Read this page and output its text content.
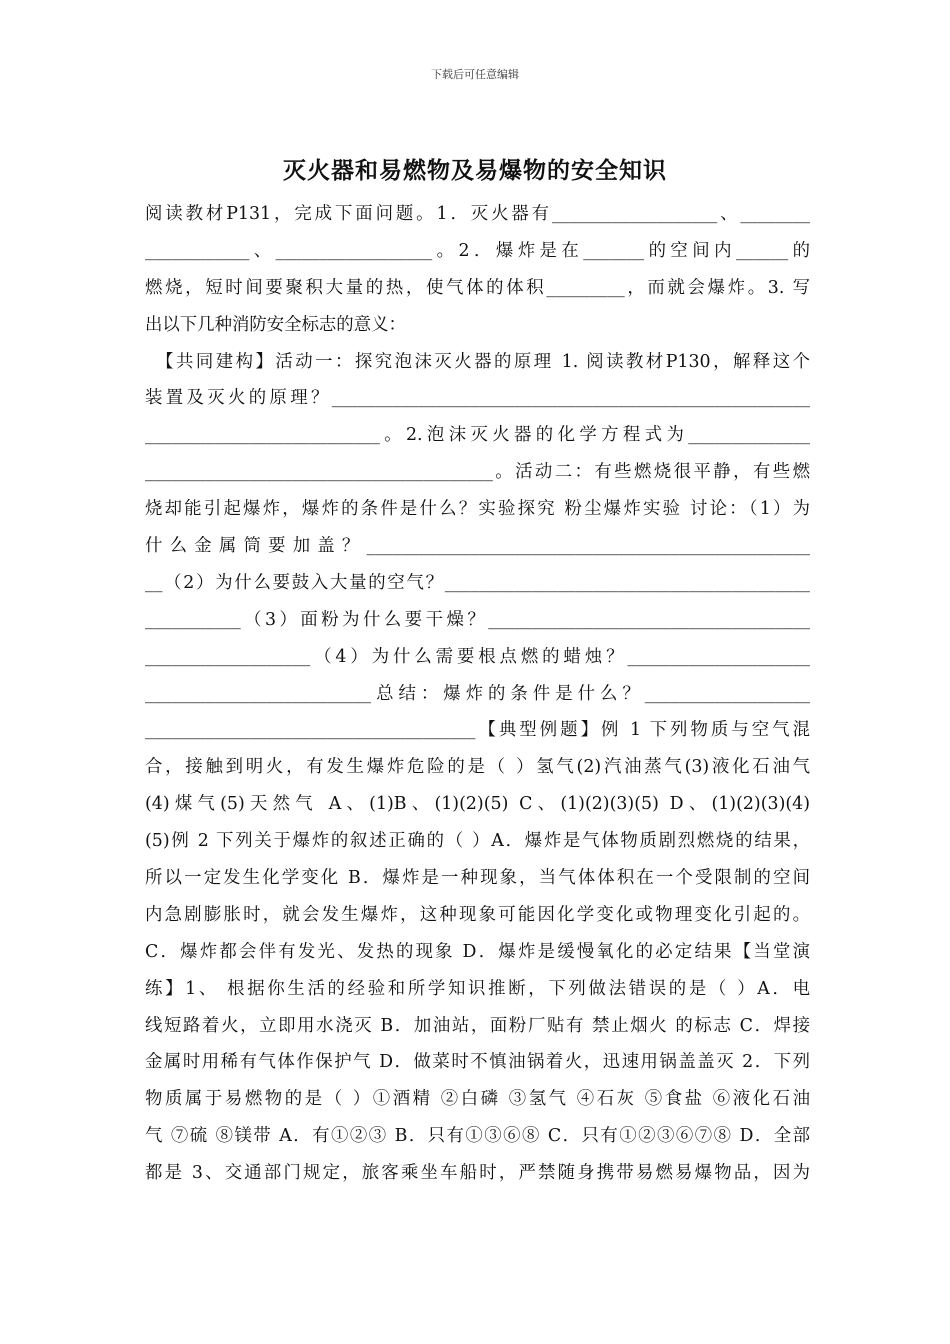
下载后可任意编辑
灭火器和易燃物及易爆物的安全知识
阅读教材P131，完成下面问题。1．灭火器有___________________、________
____________、__________________。2．爆炸是在_______的空间内______的
燃烧，短时间要聚积大量的热，使气体的体积_________，而就会爆炸。3. 写
出以下几种消防安全标志的意义：
　【共同建构】活动一：探究泡沫灭火器的原理 1. 阅读教材P130，解释这个
装置及灭火的原理？_______________________________________________________
___________________________。2.泡沫灭火器的化学方程式为______________
________________________________________。活动二：有些燃烧很平静，有些燃
烧却能引起爆炸，爆炸的条件是什么？实验探究 粉尘爆炸实验 讨论：（1）为
什么金属筒要加盖？___________________________________________________
__（2）为什么要鼓入大量的空气？__________________________________________
___________（3）面粉为什么要干燥？_____________________________________
___________________（4）为什么需要根点燃的蜡烛？_____________________
__________________________总结：爆炸的条件是什么？___________________
______________________________________【典型例题】例 1 下列物质与空气混
合，接触到明火，有发生爆炸危险的是（ ）氢气(2)汽油蒸气(3)液化石油气
(4)煤气(5)天然气 A、(1)B、(1)(2)(5) C、(1)(2)(3)(5) D、(1)(2)(3)(4)
(5)例 2 下列关于爆炸的叙述正确的（ ）A．爆炸是气体物质剧烈燃烧的结果，
所以一定发生化学变化 B．爆炸是一种现象，当气体体积在一个受限制的空间
内急剧膨胀时，就会发生爆炸，这种现象可能因化学变化或物理变化引起的。
C．爆炸都会伴有发光、发热的现象 D．爆炸是缓慢氧化的必定结果【当堂演
练】1、 根据你生活的经验和所学知识推断，下列做法错误的是（ ）A．电
线短路着火，立即用水浇灭 B．加油站，面粉厂贴有 禁止烟火 的标志 C．焊接
金属时用稀有气体作保护气 D．做菜时不慎油锅着火，迅速用锅盖盖灭 2．下列
物质属于易燃物的是（ ）①酒精 ②白磷 ③氢气 ④石灰 ⑤食盐 ⑥液化石油
气 ⑦硫 ⑧镁带 A．有①②③ B．只有①③⑥⑧ C．只有①②③⑥⑦⑧ D．全部
都是 3、交通部门规定，旅客乘坐车船时，严禁随身携带易燃易爆物品，因为
